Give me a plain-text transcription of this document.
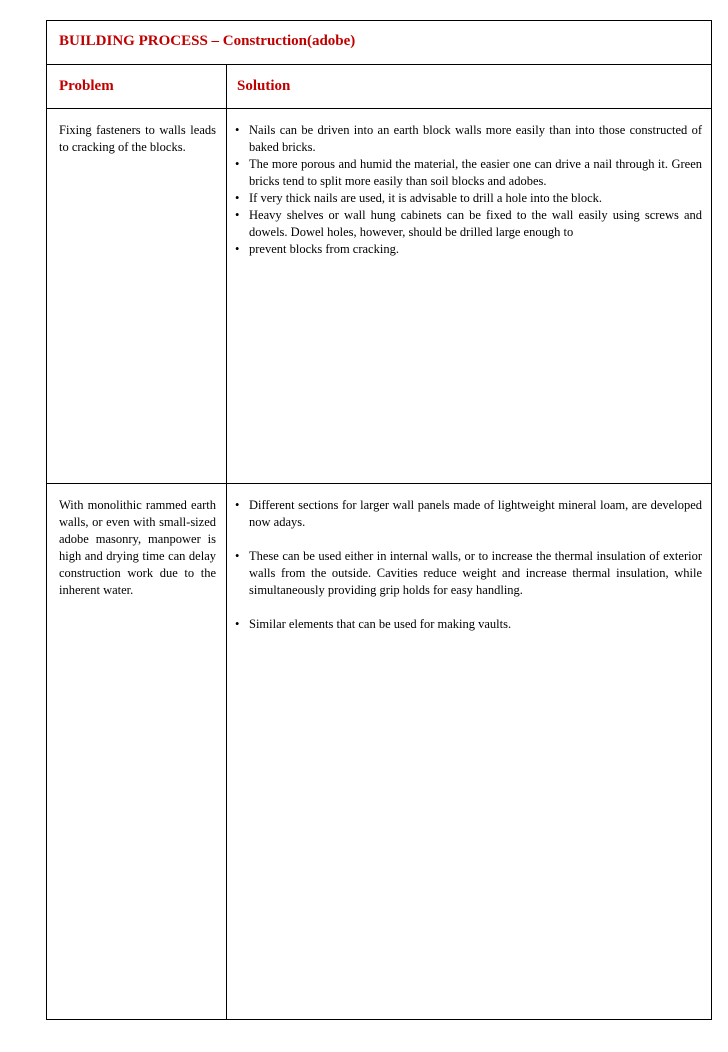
BUILDING PROCESS – Construction(adobe)
Problem	Solution
Fixing fasteners to walls leads to cracking of the blocks.
• Nails can be driven into an earth block walls more easily than into those constructed of baked bricks.
• The more porous and humid the material, the easier one can drive a nail through it. Green bricks tend to split more easily than soil blocks and adobes.
• If very thick nails are used, it is advisable to drill a hole into the block.
• Heavy shelves or wall hung cabinets can be fixed to the wall easily using screws and dowels. Dowel holes, however, should be drilled large enough to
• prevent blocks from cracking.
With monolithic rammed earth walls, or even with small-sized adobe masonry, manpower is high and drying time can delay construction work due to the inherent water.
• Different sections for larger wall panels made of lightweight mineral loam, are developed now adays.
• These can be used either in internal walls, or to increase the thermal insulation of exterior walls from the outside. Cavities reduce weight and increase thermal insulation, while simultaneously providing grip holds for easy handling.
• Similar elements that can be used for making vaults.
